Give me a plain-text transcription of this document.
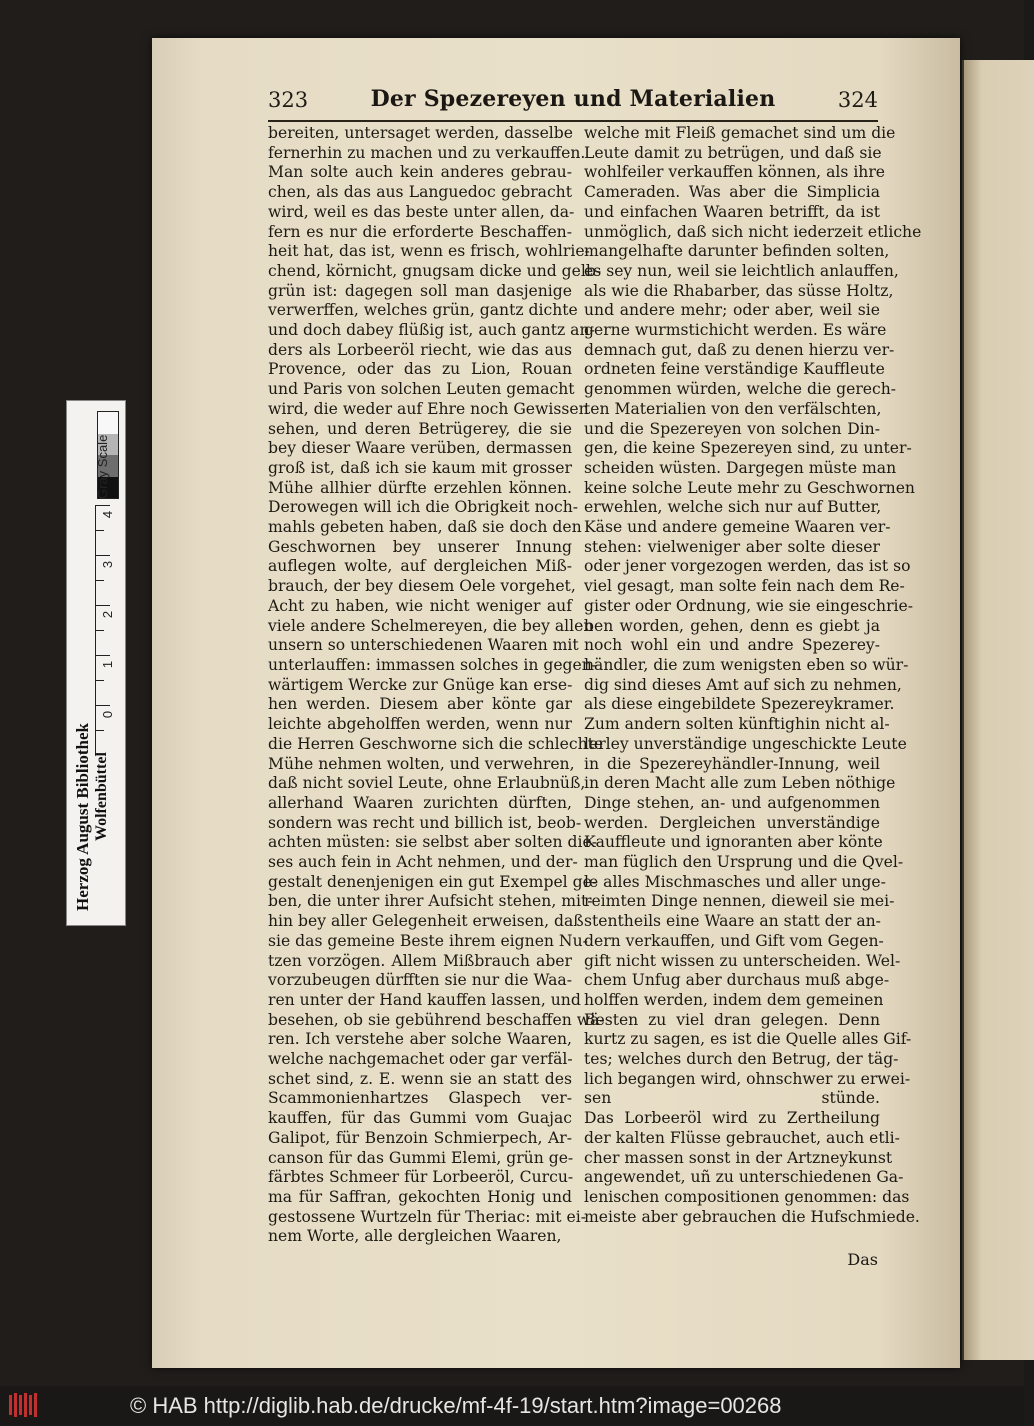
323	Der Spezereyen und Materialien	324
bereiten, untersaget werden, dasselbe
fernerhin zu machen und zu verkauffen.
Man solte auch kein anderes gebrau-
chen, als das aus Languedoc gebracht
wird, weil es das beste unter allen, da-
fern es nur die erforderte Beschaffen-
heit hat, das ist, wenn es frisch, wohlrie-
chend, körnicht, gnugsam dicke und gelb-
grün ist: dagegen soll man dasjenige
verwerffen, welches grün, gantz dichte
und doch dabey flüßig ist, auch gantz an-
ders als Lorbeeröl riecht, wie das aus
Provence, oder das zu Lion, Rouan
und Paris von solchen Leuten gemacht
wird, die weder auf Ehre noch Gewissen
sehen, und deren Betrügerey, die sie
bey dieser Waare verüben, dermassen
groß ist, daß ich sie kaum mit grosser
Mühe allhier dürfte erzehlen können.
Derowegen will ich die Obrigkeit noch-
mahls gebeten haben, daß sie doch den
Geschwornen bey unserer Innung
auflegen wolte, auf dergleichen Miß-
brauch, der bey diesem Oele vorgehet,
Acht zu haben, wie nicht weniger auf
viele andere Schelmereyen, die bey allen
unsern so unterschiedenen Waaren mit
unterlauffen: immassen solches in gegen-
wärtigem Wercke zur Gnüge kan erse-
hen werden. Diesem aber könte gar
leichte abgeholffen werden, wenn nur
die Herren Geschworne sich die schlechte
Mühe nehmen wolten, und verwehren,
daß nicht soviel Leute, ohne Erlaubnüß,
allerhand Waaren zurichten dürften,
sondern was recht und billich ist, beob-
achten müsten: sie selbst aber solten die-
ses auch fein in Acht nehmen, und der-
gestalt denenjenigen ein gut Exempel ge-
ben, die unter ihrer Aufsicht stehen, mit-
hin bey aller Gelegenheit erweisen, daß
sie das gemeine Beste ihrem eignen Nu-
tzen vorzögen. Allem Mißbrauch aber
vorzubeugen dürfften sie nur die Waa-
ren unter der Hand kauffen lassen, und
besehen, ob sie gebührend beschaffen wä-
ren. Ich verstehe aber solche Waaren,
welche nachgemachet oder gar verfäl-
schet sind, z. E. wenn sie an statt des
Scammonienhartzes Glaspech ver-
kauffen, für das Gummi vom Guajac
Galipot, für Benzoin Schmierpech, Ar-
canson für das Gummi Elemi, grün ge-
färbtes Schmeer für Lorbeeröl, Curcu-
ma für Saffran, gekochten Honig und
gestossene Wurtzeln für Theriac: mit ei-
nem Worte, alle dergleichen Waaren,
welche mit Fleiß gemachet sind um die
Leute damit zu betrügen, und daß sie
wohlfeiler verkauffen können, als ihre
Cameraden. Was aber die Simplicia
und einfachen Waaren betrifft, da ist
unmöglich, daß sich nicht iederzeit etliche
mangelhafte darunter befinden solten,
es sey nun, weil sie leichtlich anlauffen,
als wie die Rhabarber, das süsse Holtz,
und andere mehr; oder aber, weil sie
gerne wurmstichicht werden. Es wäre
demnach gut, daß zu denen hierzu ver-
ordneten feine verständige Kauffleute
genommen würden, welche die gerech-
ten Materialien von den verfälschten,
und die Spezereyen von solchen Din-
gen, die keine Spezereyen sind, zu unter-
scheiden wüsten. Dargegen müste man
keine solche Leute mehr zu Geschwornen
erwehlen, welche sich nur auf Butter,
Käse und andere gemeine Waaren ver-
stehen: vielweniger aber solte dieser
oder jener vorgezogen werden, das ist so
viel gesagt, man solte fein nach dem Re-
gister oder Ordnung, wie sie eingeschrie-
ben worden, gehen, denn es giebt ja
noch wohl ein und andre Spezerey-
händler, die zum wenigsten eben so wür-
dig sind dieses Amt auf sich zu nehmen,
als diese eingebildete Spezereykramer.
Zum andern solten künftighin nicht al-
lerley unverständige ungeschickte Leute
in die Spezereyhändler-Innung, weil
in deren Macht alle zum Leben nöthige
Dinge stehen, an- und aufgenommen
werden. Dergleichen unverständige
Kauffleute und ignoranten aber könte
man füglich den Ursprung und die Qvel-
le alles Mischmasches und aller unge-
reimten Dinge nennen, dieweil sie mei-
stentheils eine Waare an statt der an-
dern verkauffen, und Gift vom Gegen-
gift nicht wissen zu unterscheiden. Wel-
chem Unfug aber durchaus muß abge-
holffen werden, indem dem gemeinen
Besten zu viel dran gelegen. Denn
kurtz zu sagen, es ist die Quelle alles Gif-
tes; welches durch den Betrug, der täg-
lich begangen wird, ohnschwer zu erwei-
sen stünde.
Das Lorbeeröl wird zu Zertheilung
der kalten Flüsse gebrauchet, auch etli-
cher massen sonst in der Artzneykunst
angewendet, uñ zu unterschiedenen Ga-
lenischen compositionen genommen: das
meiste aber gebrauchen die Hufschmiede.
Das
Gray Scale
4
3
2
1
0
Herzog August Bibliothek Wolfenbüttel
© HAB http://diglib.hab.de/drucke/mf-4f-19/start.htm?image=00268
